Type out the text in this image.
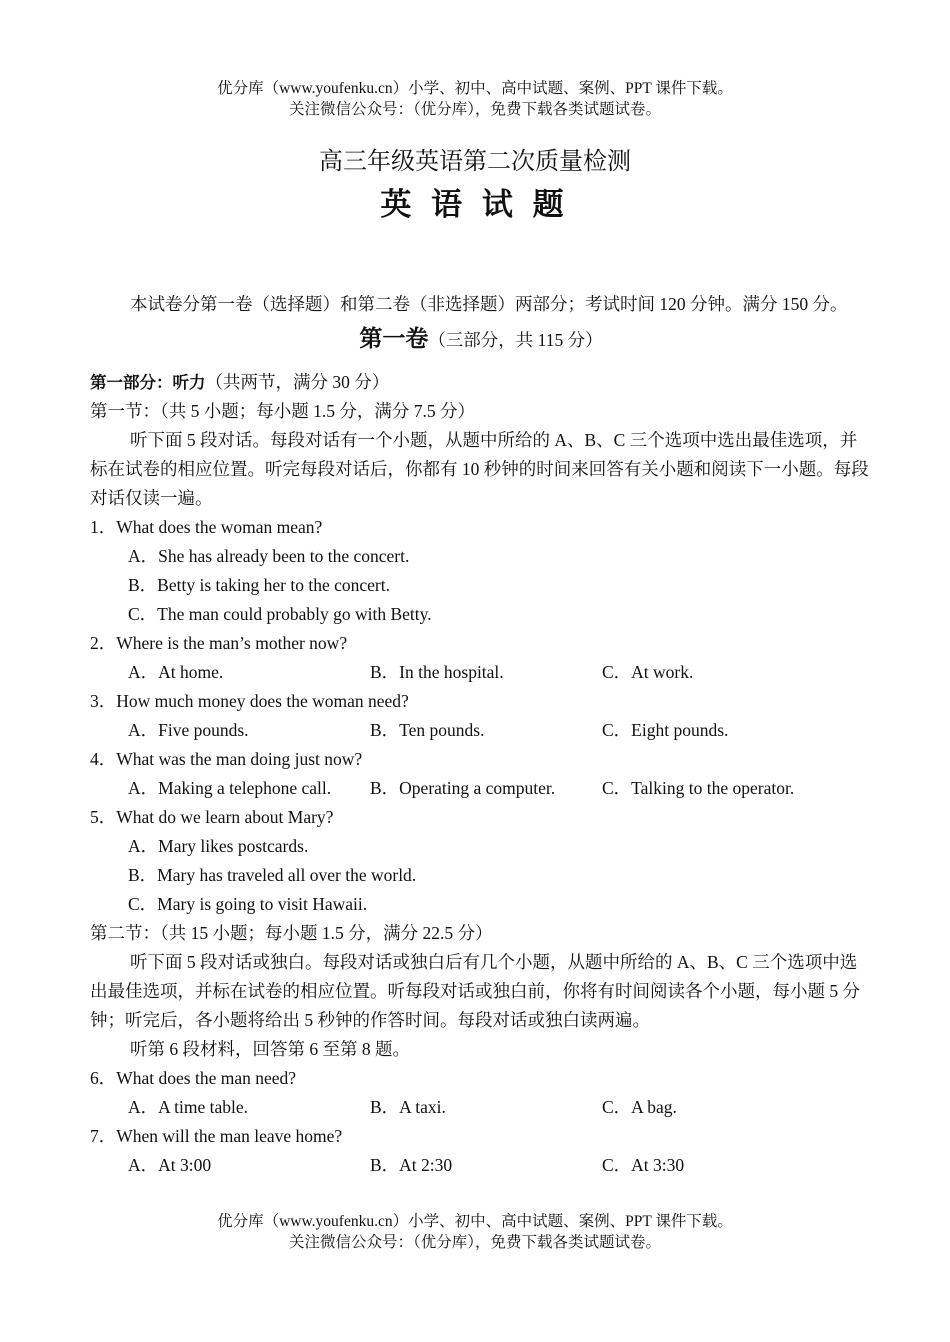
优分库（www.youfenku.cn）小学、初中、高中试题、案例、PPT 课件下载。
关注微信公众号：（优分库），免费下载各类试题试卷。
高三年级英语第二次质量检测
英 语 试 题
本试卷分第一卷（选择题）和第二卷（非选择题）两部分；考试时间 120 分钟。满分 150 分。
第一卷（三部分，共 115 分）
第一部分：听力（共两节，满分 30 分）
第一节：（共 5 小题；每小题 1.5 分，满分 7.5 分）
听下面 5 段对话。每段对话有一个小题，从题中所给的 A、B、C 三个选项中选出最佳选项，并标在试卷的相应位置。听完每段对话后，你都有 10 秒钟的时间来回答有关小题和阅读下一小题。每段对话仅读一遍。
1．What does the woman mean?
A．She has already been to the concert.
B．Betty is taking her to the concert.
C．The man could probably go with Betty.
2．Where is the man’s mother now?
A．At home.	B．In the hospital.	C．At work.
3．How much money does the woman need?
A．Five pounds.	B．Ten pounds.	C．Eight pounds.
4．What was the man doing just now?
A．Making a telephone call.	B．Operating a computer.	C．Talking to the operator.
5．What do we learn about Mary?
A．Mary likes postcards.
B．Mary has traveled all over the world.
C．Mary is going to visit Hawaii.
第二节：（共 15 小题；每小题 1.5 分，满分 22.5 分）
听下面 5 段对话或独白。每段对话或独白后有几个小题，从题中所给的 A、B、C 三个选项中选出最佳选项，并标在试卷的相应位置。听每段对话或独白前，你将有时间阅读各个小题，每小题 5 分钟；听完后，各小题将给出 5 秒钟的作答时间。每段对话或独白读两遍。
听第 6 段材料，回答第 6 至第 8 题。
6．What does the man need?
A．A time table.	B．A taxi.	C．A bag.
7．When will the man leave home?
A．At 3:00	B．At 2:30	C．At 3:30
优分库（www.youfenku.cn）小学、初中、高中试题、案例、PPT 课件下载。
关注微信公众号：（优分库），免费下载各类试题试卷。
